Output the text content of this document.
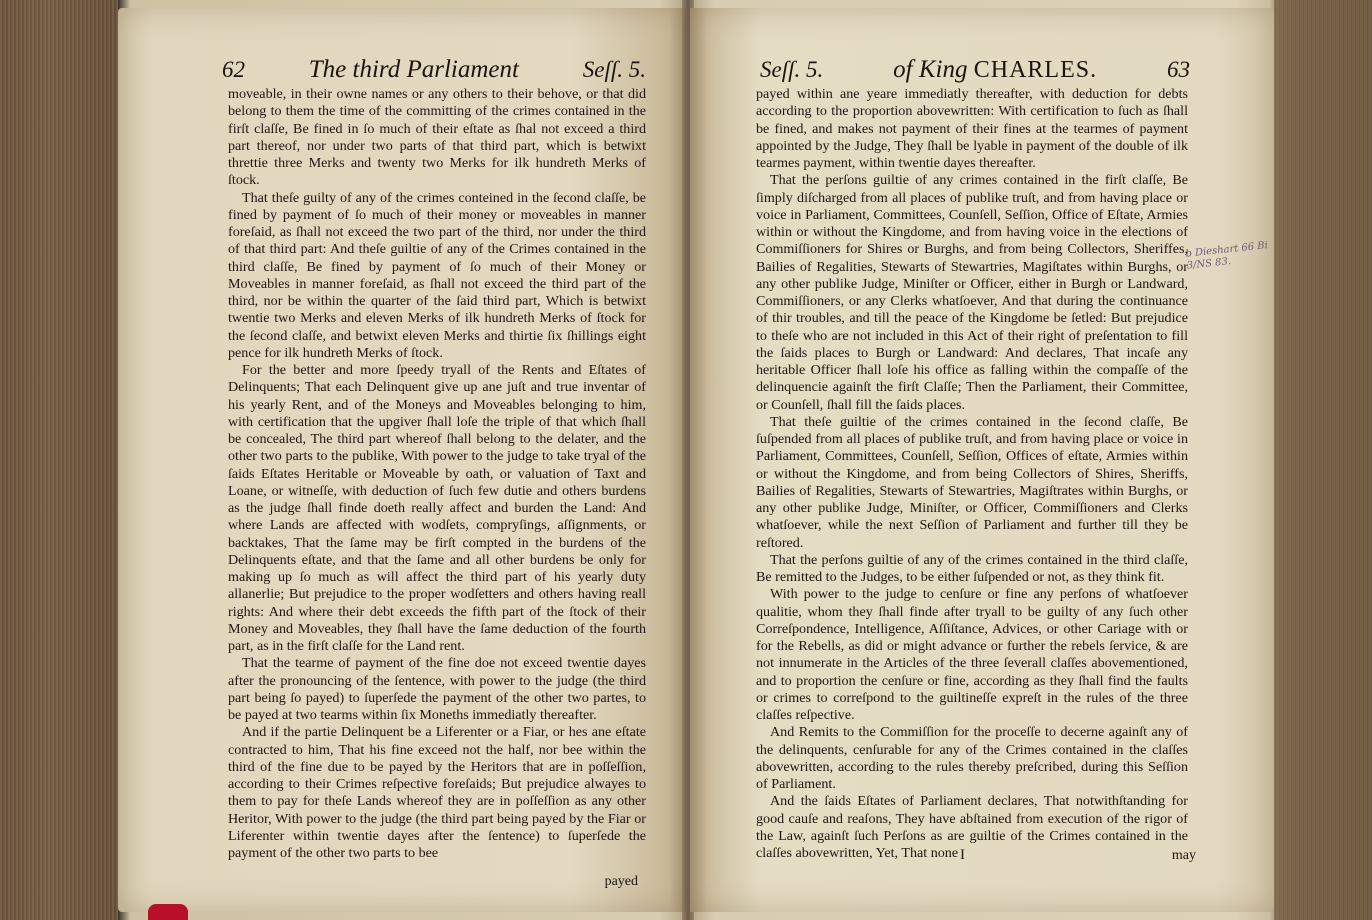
62	The third Parliament	Seſſ. 5.

moveable, in their owne names or any others to their behove, or that did belong to them the time of the committing of the crimes contained in the firſt claſſe, Be fined in ſo much of their eſtate as ſhal not exceed a third part thereof, nor under two parts of that third part, which is betwixt threttie three Merks and twenty two Merks for ilk hundreth Merks of ſtock.

That theſe guilty of any of the crimes conteined in the ſecond claſſe, be fined by payment of ſo much of their money or moveables in manner foreſaid, as ſhall not exceed the two part of the third, nor under the third of that third part: And theſe guiltie of any of the Crimes contained in the third claſſe, Be fined by payment of ſo much of their Money or Moveables in manner foreſaid, as ſhall not exceed the third part of the third, nor be within the quarter of the ſaid third part, Which is betwixt twentie two Merks and eleven Merks of ilk hundreth Merks of ſtock for the ſecond claſſe, and betwixt eleven Merks and thirtie ſix ſhillings eight pence for ilk hundreth Merks of ſtock.

For the better and more ſpeedy tryall of the Rents and Eſtates of Delinquents; That each Delinquent give up ane juſt and true inventar of his yearly Rent, and of the Moneys and Moveables belonging to him, with certification that the upgiver ſhall loſe the triple of that which ſhall be concealed, The third part whereof ſhall belong to the delater, and the other two parts to the publike, With power to the judge to take tryal of the ſaids Eſtates Heritable or Moveable by oath, or valuation of Taxt and Loane, or witneſſe, with deduction of ſuch few dutie and others burdens as the judge ſhall finde doeth really affect and burden the Land: And where Lands are affected with wodſets, compryſings, aſſignments, or backtakes, That the ſame may be firſt compted in the burdens of the Delinquents eſtate, and that the ſame and all other burdens be only for making up ſo much as will affect the third part of his yearly duty allanerlie; But prejudice to the proper wodſetters and others having reall rights: And where their debt exceeds the fifth part of the ſtock of their Money and Moveables, they ſhall have the ſame deduction of the fourth part, as in the firſt claſſe for the Land rent.

That the tearme of payment of the fine doe not exceed twentie dayes after the pronouncing of the ſentence, with power to the judge (the third part being ſo payed) to ſuperſede the payment of the other two partes, to be payed at two tearms within ſix Moneths immediatly thereafter.

And if the partie Delinquent be a Liferenter or a Fiar, or hes ane eſtate contracted to him, That his fine exceed not the half, nor bee within the third of the fine due to be payed by the Heritors that are in poſſeſſion, according to their Crimes reſpective foreſaids; But prejudice alwayes to them to pay for theſe Lands whereof they are in poſſeſſion as any other Heritor, With power to the judge (the third part being payed by the Fiar or Liferenter within twentie dayes after the ſentence) to ſuperſede the payment of the other two parts to bee

payed
Seſſ. 5.	of King CHARLES.	63

payed within ane yeare immediatly thereafter, with deduction for debts according to the proportion abovewritten: With certification to ſuch as ſhall be fined, and makes not payment of their fines at the tearmes of payment appointed by the Judge, They ſhall be lyable in payment of the double of ilk tearmes payment, within twentie dayes thereafter.

That the perſons guiltie of any crimes contained in the firſt claſſe, Be ſimply diſcharged from all places of publike truſt, and from having place or voice in Parliament, Committees, Counſell, Seſſion, Office of Eſtate, Armies within or without the Kingdome, and from having voice in the elections of Commiſſioners for Shires or Burghs, and from being Collectors, Sheriffes, Bailies of Regalities, Stewarts of Stewartries, Magiſtates within Burghs, or any other publike Judge, Miniſter or Officer, either in Burgh or Landward, Commiſſioners, or any Clerks whatſoever, And that during the continuance of thir troubles, and till the peace of the Kingdome be ſetled: But prejudice to theſe who are not included in this Act of their right of preſentation to fill the ſaids places to Burgh or Landward: And declares, That incaſe any heritable Officer ſhall loſe his office as falling within the compaſſe of the delinquencie againſt the firſt Claſſe; Then the Parliament, their Committee, or Counſell, ſhall fill the ſaids places.

That theſe guiltie of the crimes contained in the ſecond claſſe, Be ſuſpended from all places of publike truſt, and from having place or voice in Parliament, Committees, Counſell, Seſſion, Offices of eſtate, Armies within or without the Kingdome, and from being Collectors of Shires, Sheriffs, Bailies of Regalities, Stewarts of Stewartries, Magiſtrates within Burghs, or any other publike Judge, Miniſter, or Officer, Commiſſioners and Clerks whatſoever, while the next Seſſion of Parliament and further till they be reſtored.

That the perſons guiltie of any of the crimes contained in the third claſſe, Be remitted to the Judges, to be either ſuſpended or not, as they think fit.

With power to the judge to cenſure or fine any perſons of whatſoever qualitie, whom they ſhall finde after tryall to be guilty of any ſuch other Correſpondence, Intelligence, Aſſiſtance, Advices, or other Cariage with or for the Rebells, as did or might advance or further the rebels ſervice, & are not innumerate in the Articles of the three ſeverall claſſes abovementioned, and to proportion the cenſure or fine, according as they ſhall find the faults or crimes to correſpond to the guiltineſſe expreſt in the rules of the three claſſes reſpective.

And Remits to the Commiſſion for the proceſſe to decerne againſt any of the delinquents, cenſurable for any of the Crimes contained in the claſſes abovewritten, according to the rules thereby preſcribed, during this Seſſion of Parliament.

And the ſaids Eſtates of Parliament declares, That notwithſtanding for good cauſe and reaſons, They have abſtained from execution of the rigor of the Law, againſt ſuch Perſons as are guiltie of the Crimes contained in the claſſes abovewritten, Yet, That none

b Dieshart 66 Bi 3/NS 83.
I	may
